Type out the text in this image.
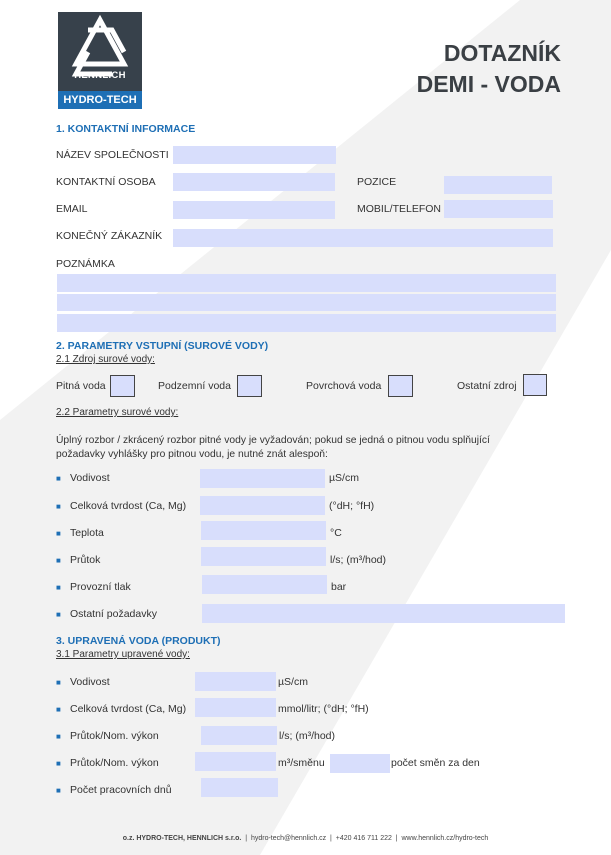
HENNLICH
HYDRO-TECH
DOTAZNÍK
DEMI - VODA
1. KONTAKTNÍ INFORMACE
NÁZEV SPOLEČNOSTI
KONTAKTNÍ OSOBA	POZICE
EMAIL	MOBIL/TELEFON
KONEČNÝ ZÁKAZNÍK
POZNÁMKA
2. PARAMETRY VSTUPNÍ (SUROVÉ VODY)
2.1 Zdroj surové vody:
Pitná voda	Podzemní voda	Povrchová voda	Ostatní zdroj
2.2 Parametry surové vody:
Úplný rozbor / zkrácený rozbor pitné vody je vyžadován; pokud se jedná o pitnou vodu splňující
požadavky vyhlášky pro pitnou vodu, je nutné znát alespoň:
■ Vodivost	µS/cm
■ Celková tvrdost (Ca, Mg)	(°dH; °fH)
■ Teplota	°C
■ Průtok	l/s; (m³/hod)
■ Provozní tlak	bar
■ Ostatní požadavky
3. UPRAVENÁ VODA (PRODUKT)
3.1 Parametry upravené vody:
■ Vodivost	µS/cm
■ Celková tvrdost (Ca, Mg)	mmol/litr; (°dH; °fH)
■ Průtok/Nom. výkon	l/s; (m³/hod)
■ Průtok/Nom. výkon	m³/směnu	počet směn za den
■ Počet pracovních dnů
o.z. HYDRO-TECH, HENNLICH s.r.o. | hydro-tech@hennlich.cz | +420 416 711 222 | www.hennlich.cz/hydro-tech
